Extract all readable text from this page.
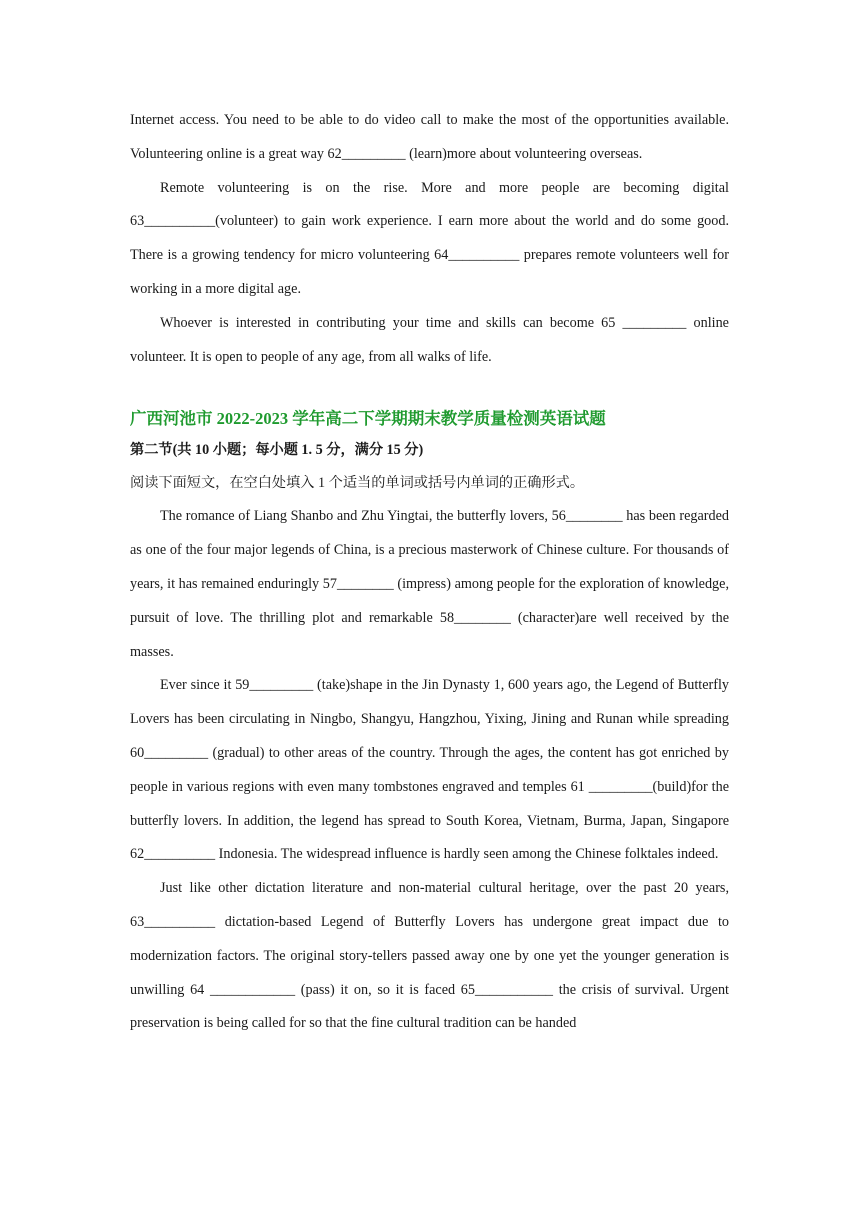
Internet access. You need to be able to do video call to make the most of the opportunities available. Volunteering online is a great way 62_________ (learn)more about volunteering overseas.

Remote volunteering is on the rise. More and more people are becoming digital 63__________(volunteer) to gain work experience. I earn more about the world and do some good. There is a growing tendency for micro volunteering 64__________ prepares remote volunteers well for working in a more digital age.

Whoever is interested in contributing your time and skills can become 65 _________ online volunteer. It is open to people of any age, from all walks of life.

广西河池市 2022-2023 学年高二下学期期末教学质量检测英语试题
第二节(共 10 小题；每小题 1. 5 分，满分 15 分)
阅读下面短文，在空白处填入 1 个适当的单词或括号内单词的正确形式。

The romance of Liang Shanbo and Zhu Yingtai, the butterfly lovers, 56________ has been regarded as one of the four major legends of China, is a precious masterwork of Chinese culture. For thousands of years, it has remained enduringly 57________ (impress) among people for the exploration of knowledge, pursuit of love. The thrilling plot and remarkable 58________ (character)are well received by the masses.

Ever since it 59_________ (take)shape in the Jin Dynasty 1, 600 years ago, the Legend of Butterfly Lovers has been circulating in Ningbo, Shangyu, Hangzhou, Yixing, Jining and Runan while spreading 60_________ (gradual) to other areas of the country. Through the ages, the content has got enriched by people in various regions with even many tombstones engraved and temples 61 _________(build)for the butterfly lovers. In addition, the legend has spread to South Korea, Vietnam, Burma, Japan, Singapore 62__________ Indonesia. The widespread influence is hardly seen among the Chinese folktales indeed.

Just like other dictation literature and non-material cultural heritage, over the past 20 years, 63__________ dictation-based Legend of Butterfly Lovers has undergone great impact due to modernization factors. The original story-tellers passed away one by one yet the younger generation is unwilling 64 ____________ (pass) it on, so it is faced 65___________ the crisis of survival. Urgent preservation is being called for so that the fine cultural tradition can be handed
